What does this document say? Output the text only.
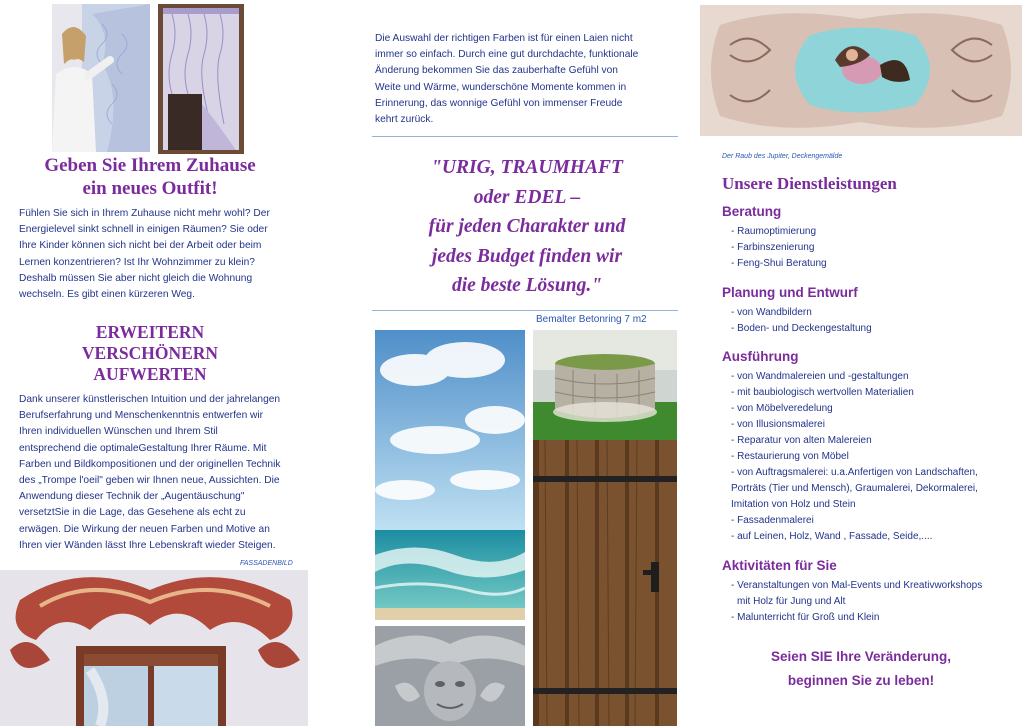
Geben Sie Ihrem Zuhause
ein neues Outfit!
Fühlen Sie sich in Ihrem Zuhause nicht mehr wohl? Der Energielevel sinkt schnell in einigen Räumen? Sie oder Ihre Kinder können sich nicht bei der Arbeit oder beim Lernen konzentrieren? Ist Ihr Wohnzimmer zu klein? Deshalb müssen Sie aber nicht gleich die Wohnung wechseln. Es gibt einen kürzeren Weg.
ERWEITERN
VERSCHÖNERN
AUFWERTEN
Dank unserer künstlerischen Intuition und der jahrelangen Berufserfahrung und Menschenkenntnis entwerfen wir Ihren individuellen Wünschen und Ihrem Stil entsprechend die optimaleGestaltung Ihrer Räume. Mit Farben und Bildkompositionen und der originellen Technik des „Trompe l'oeil" geben wir Ihnen neue, Aussichten. Die Anwendung dieser Technik der „Augentäuschung" versetztSie in die Lage, das Gesehene als echt zu erwägen. Die Wirkung der neuen Farben und Motive an Ihren vier Wänden lässt Ihre Lebenskraft wieder Steigen.
FASSADENBILD
Die Auswahl der richtigen Farben ist für einen Laien nicht immer so einfach. Durch eine gut durchdachte, funktionale Änderung bekommen Sie das zauberhafte Gefühl von Weite und Wärme, wunderschöne Momente kommen in Erinnerung, das wonnige Gefühl von immenser Freude kehrt zurück.
"URIG, TRAUMHAFT
oder EDEL –
für jeden Charakter und
jedes Budget finden wir
die beste Lösung."
Bemalter Betonring 7 m2
Der Raub des Jupiter, Deckengemälde
Unsere Dienstleistungen
Beratung
- Raumoptimierung
- Farbinszenierung
- Feng-Shui Beratung
Planung und Entwurf
- von Wandbildern
- Boden- und Deckengestaltung
Ausführung
- von Wandmalereien und -gestaltungen
- mit baubiologisch wertvollen Materialien
- von Möbelveredelung
- von Illusionsmalerei
- Reparatur von alten Malereien
- Restaurierung von Möbel
- von Auftragsmalerei: u.a.Anfertigen von Landschaften,
Porträts (Tier und Mensch), Graumalerei, Dekormalerei,
Imitation von Holz und Stein
- Fassadenmalerei
- auf Leinen, Holz, Wand , Fassade, Seide,....
Aktivitäten für Sie
- Veranstaltungen von Mal-Events und Kreativworkshops
mit Holz für Jung und Alt
- Malunterricht für Groß und Klein
Seien SIE Ihre Veränderung,
beginnen Sie zu leben!
